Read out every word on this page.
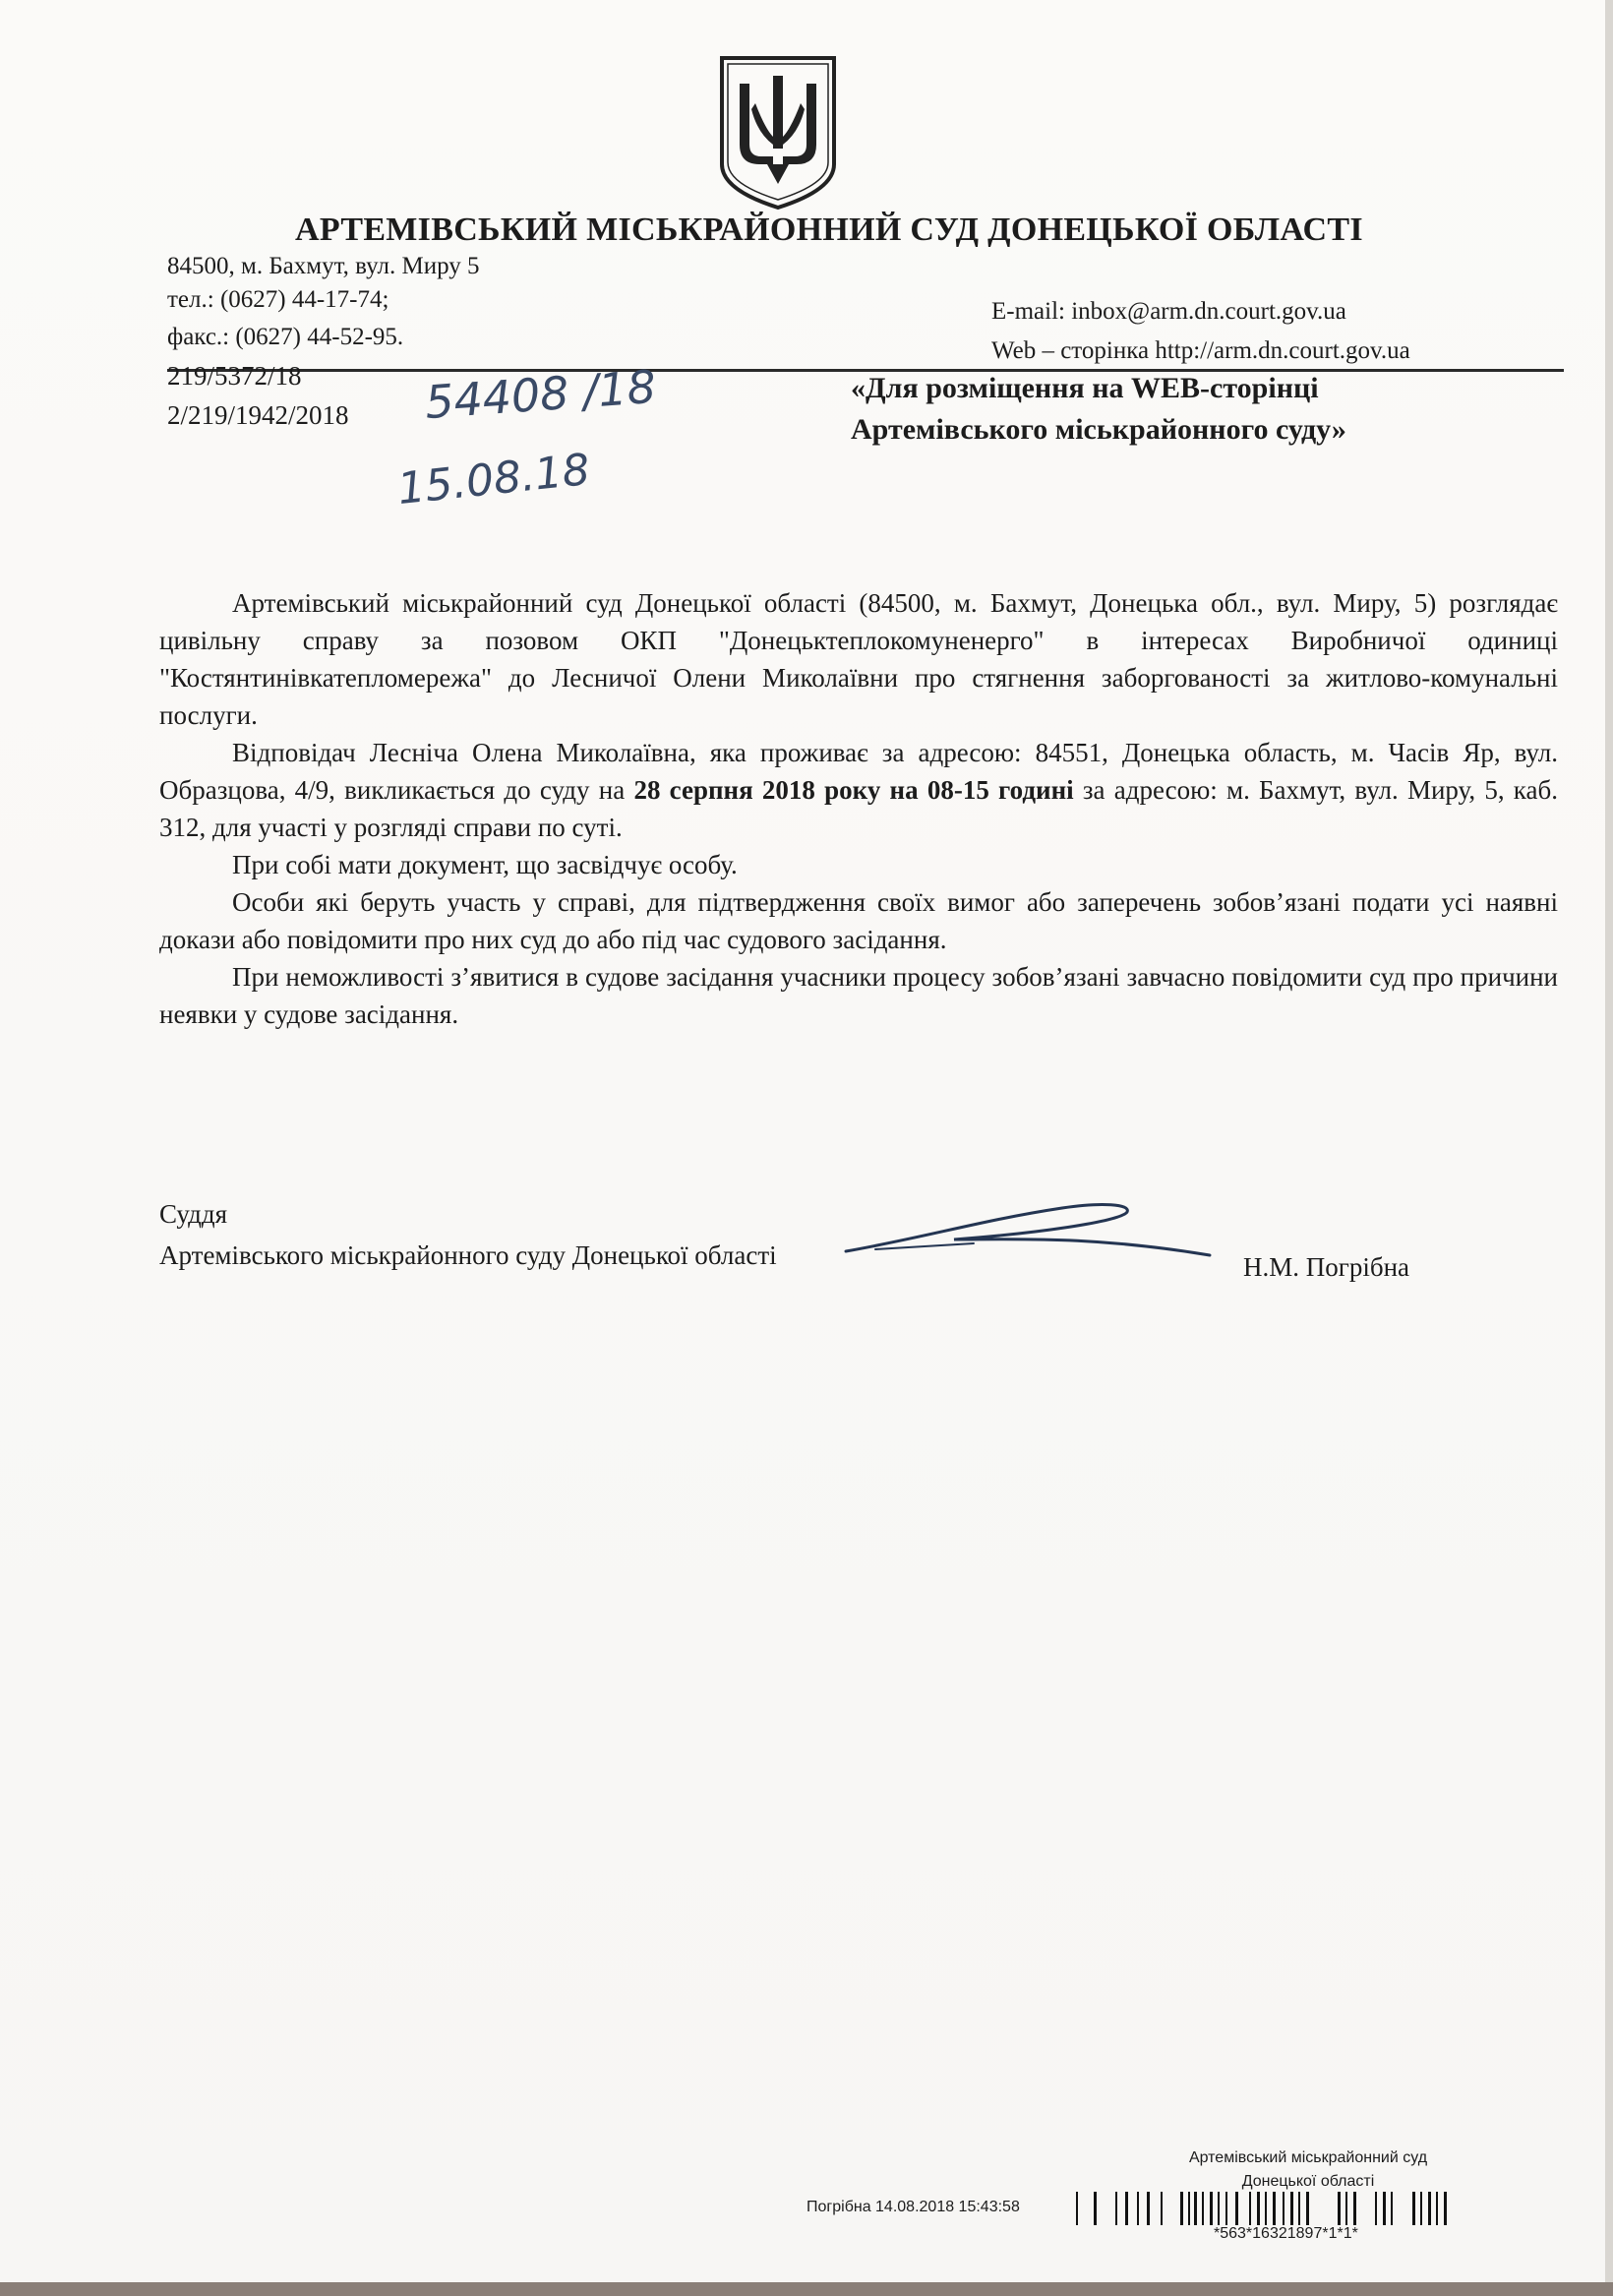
АРТЕМІВСЬКИЙ МІСЬКРАЙОННИЙ СУД ДОНЕЦЬКОЇ ОБЛАСТІ
84500, м. Бахмут, вул. Миру 5
тел.: (0627) 44-17-74;
факс.: (0627) 44-52-95.
E-mail: inbox@arm.dn.court.gov.ua
Web – сторінка http://arm.dn.court.gov.ua
219/5372/18
2/219/1942/2018 54408 /18
15.08.18
«Для розміщення на WEB-сторінці
Артемівського міськрайонного суду»

Артемівський міськрайонний суд Донецької області (84500, м. Бахмут, Донецька обл., вул. Миру, 5) розглядає цивільну справу за позовом ОКП "Донецьктеплокомуненерго" в інтересах Виробничої одиниці "Костянтинівкатепломережа" до Лесничої Олени Миколаївни про стягнення заборгованості за житлово-комунальні послуги.

Відповідач Лесніча Олена Миколаївна, яка проживає за адресою: 84551, Донецька область, м. Часів Яр, вул. Образцова, 4/9, викликається до суду на 28 серпня 2018 року на 08-15 годині за адресою: м. Бахмут, вул. Миру, 5, каб. 312, для участі у розгляді справи по суті.

При собі мати документ, що засвідчує особу.

Особи які беруть участь у справі, для підтвердження своїх вимог або заперечень зобов’язані подати усі наявні докази або повідомити про них суд до або під час судового засідання.

При неможливості з’явитися в судове засідання учасники процесу зобов’язані завчасно повідомити суд про причини неявки у судове засідання.

Суддя
Артемівського міськрайонного суду Донецької області	Н.М. Погрібна
Артемівський міськрайонний суд
Донецької області
Погрібна 14.08.2018 15:43:58
*563*16321897*1*1*
